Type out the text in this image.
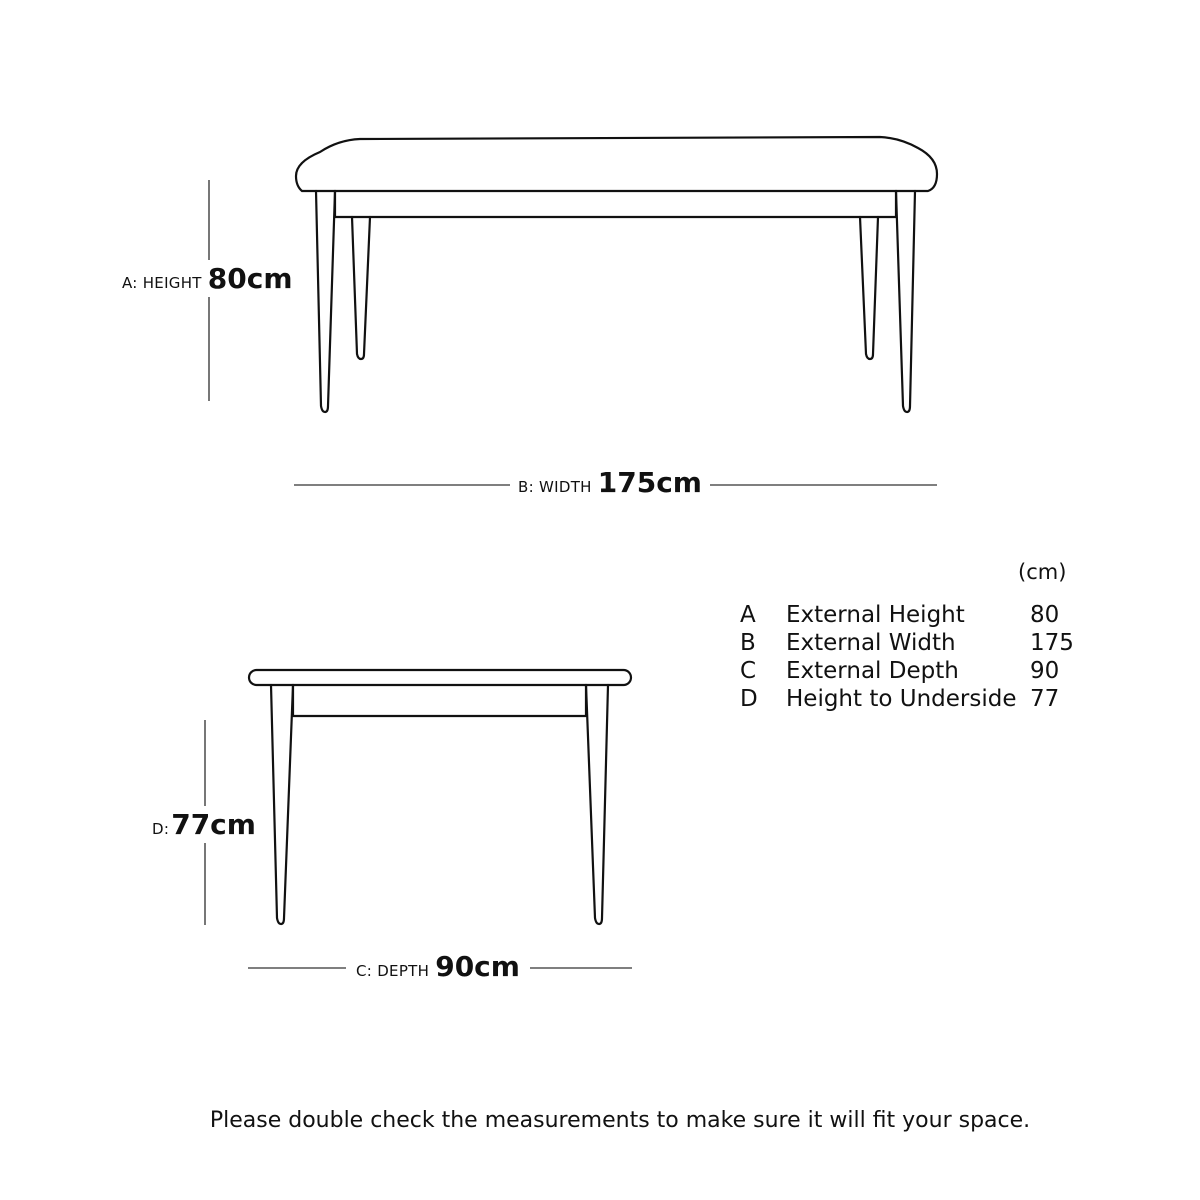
A: HEIGHT 80cm
B: WIDTH 175cm
D: 77cm
C: DEPTH 90cm
(cm)
A	External Height	80
B	External Width	175
C	External Depth	90
D	Height to Underside	77
Please double check the measurements to make sure it will fit your space.
